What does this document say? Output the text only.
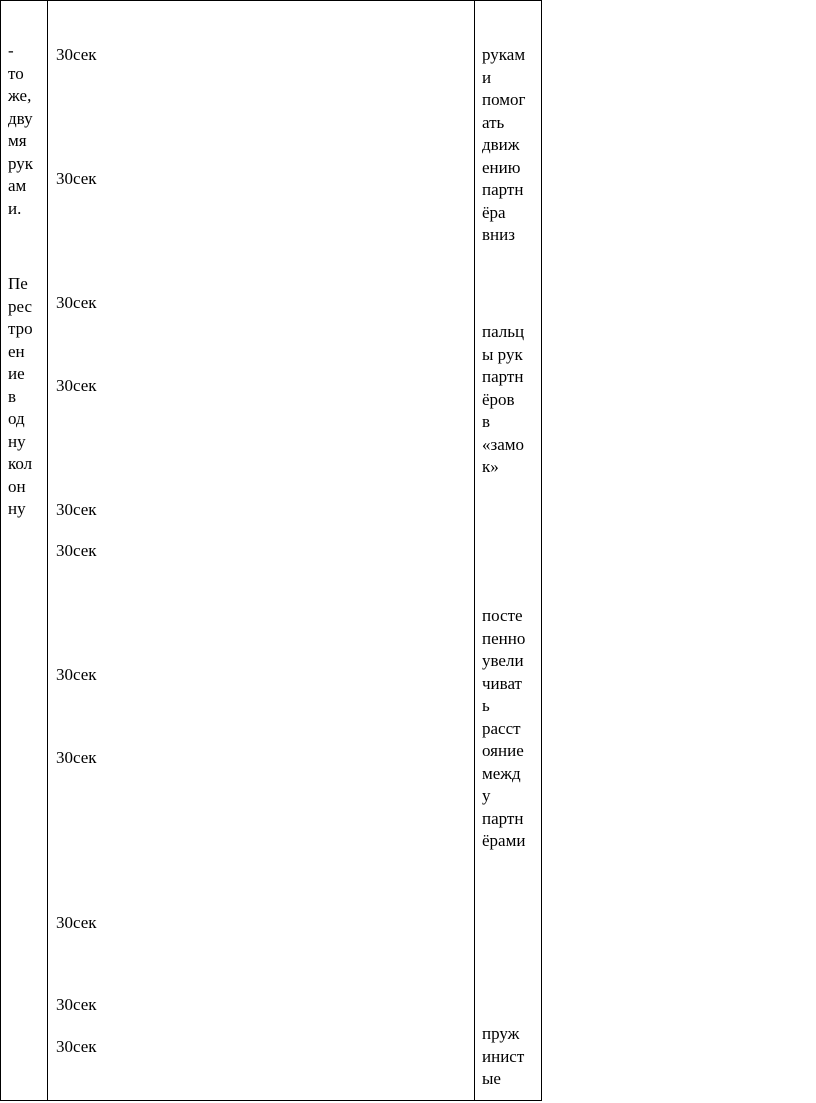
-
то
же,
дву
мя
рук
ам
и.

Пе
рес
тро
ен
ие
в
од
ну
кол
он
ну

30сек
30сек
30сек
30сек
30сек
30сек
30сек
30сек
30сек
30сек
30сек
рукам
и
помог
ать
движ
ению
партн
ёра
вниз
пальц
ы рук
партн
ёров
в
«замо
к»
посте
пенно
увели
чиват
ь
расст
ояние
межд
у
партн
ёрами
пруж
инист
ые
